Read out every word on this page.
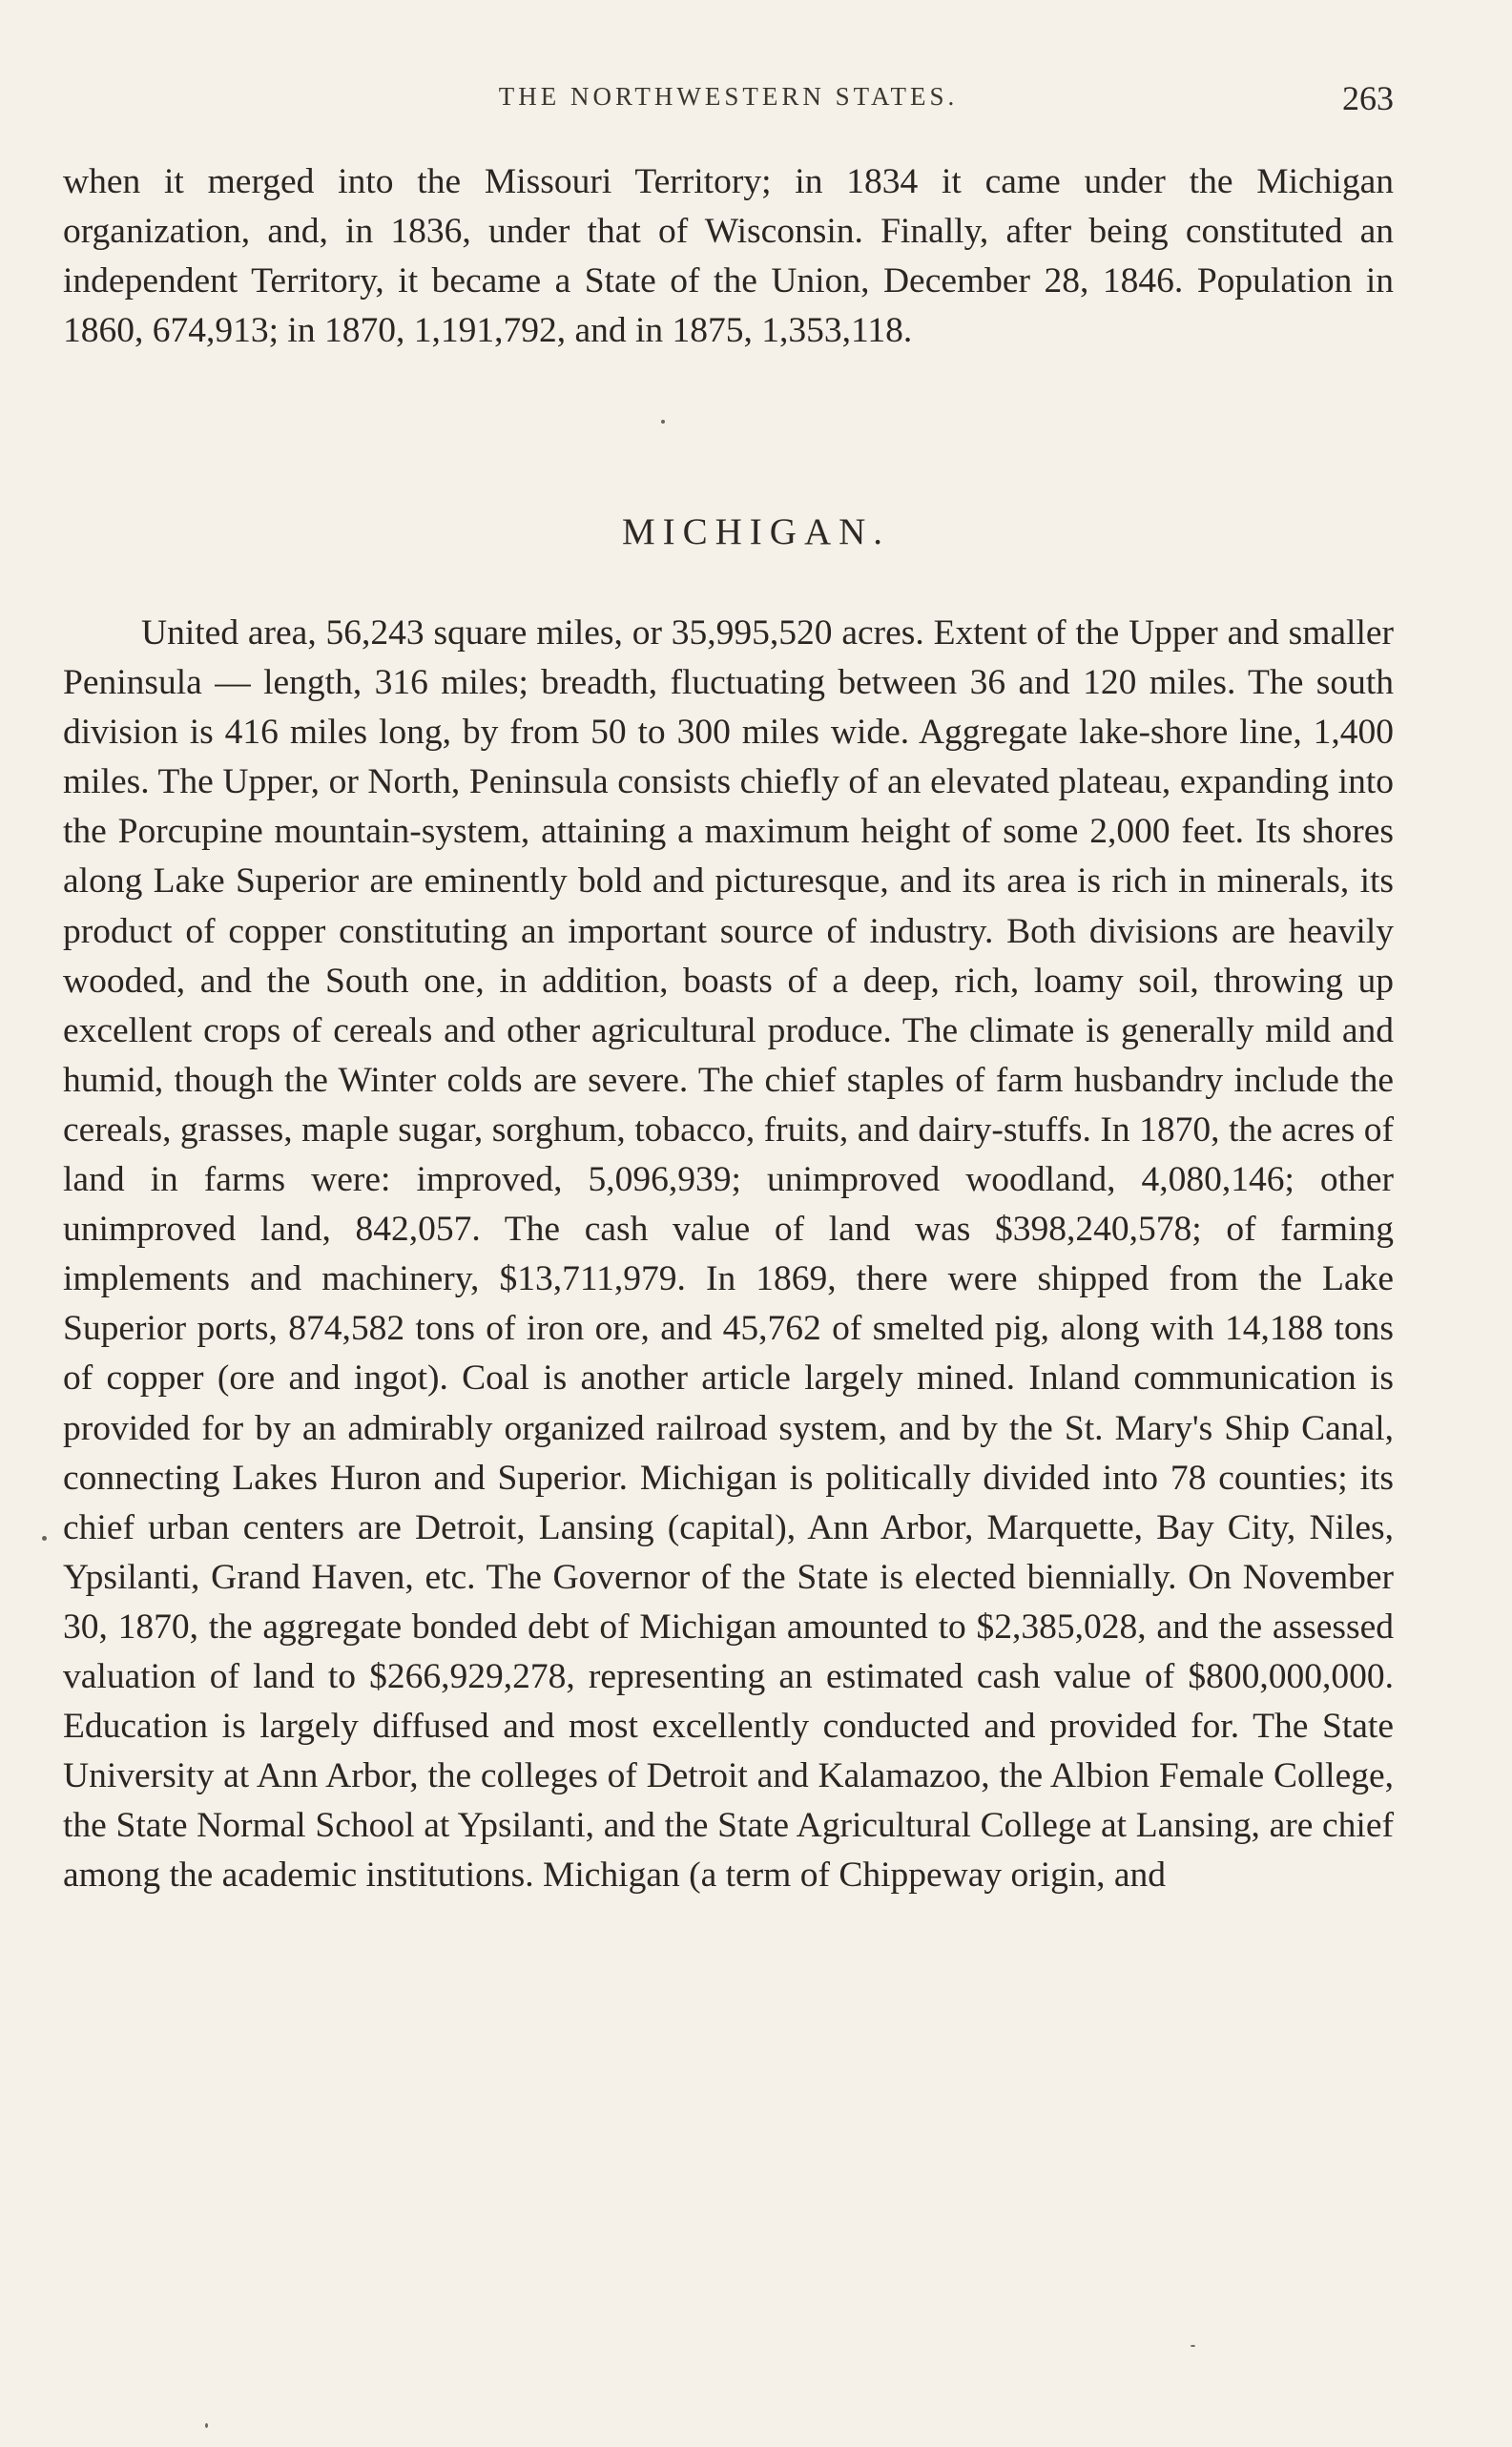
THE NORTHWESTERN STATES.	263

when it merged into the Missouri Territory; in 1834 it came under the Michigan organization, and, in 1836, under that of Wisconsin. Finally, after being constituted an independent Territory, it became a State of the Union, December 28, 1846. Population in 1860, 674,913; in 1870, 1,191,792, and in 1875, 1,353,118.

MICHIGAN.

United area, 56,243 square miles, or 35,995,520 acres. Extent of the Upper and smaller Peninsula — length, 316 miles; breadth, fluctuating between 36 and 120 miles. The south division is 416 miles long, by from 50 to 300 miles wide. Aggregate lake-shore line, 1,400 miles. The Upper, or North, Peninsula consists chiefly of an elevated plateau, expanding into the Porcupine mountain-system, attaining a maximum height of some 2,000 feet. Its shores along Lake Superior are eminently bold and picturesque, and its area is rich in minerals, its product of copper constituting an important source of industry. Both divisions are heavily wooded, and the South one, in addition, boasts of a deep, rich, loamy soil, throwing up excellent crops of cereals and other agricultural produce. The climate is generally mild and humid, though the Winter colds are severe. The chief staples of farm husbandry include the cereals, grasses, maple sugar, sorghum, tobacco, fruits, and dairy-stuffs. In 1870, the acres of land in farms were: improved, 5,096,939; unimproved woodland, 4,080,146; other unimproved land, 842,057. The cash value of land was $398,240,578; of farming implements and machinery, $13,711,979. In 1869, there were shipped from the Lake Superior ports, 874,582 tons of iron ore, and 45,762 of smelted pig, along with 14,188 tons of copper (ore and ingot). Coal is another article largely mined. Inland communication is provided for by an admirably organized railroad system, and by the St. Mary's Ship Canal, connecting Lakes Huron and Superior. Michigan is politically divided into 78 counties; its chief urban centers are Detroit, Lansing (capital), Ann Arbor, Marquette, Bay City, Niles, Ypsilanti, Grand Haven, etc. The Governor of the State is elected biennially. On November 30, 1870, the aggregate bonded debt of Michigan amounted to $2,385,028, and the assessed valuation of land to $266,929,278, representing an estimated cash value of $800,000,000. Education is largely diffused and most excellently conducted and provided for. The State University at Ann Arbor, the colleges of Detroit and Kalamazoo, the Albion Female College, the State Normal School at Ypsilanti, and the State Agricultural College at Lansing, are chief among the academic institutions. Michigan (a term of Chippeway origin, and
